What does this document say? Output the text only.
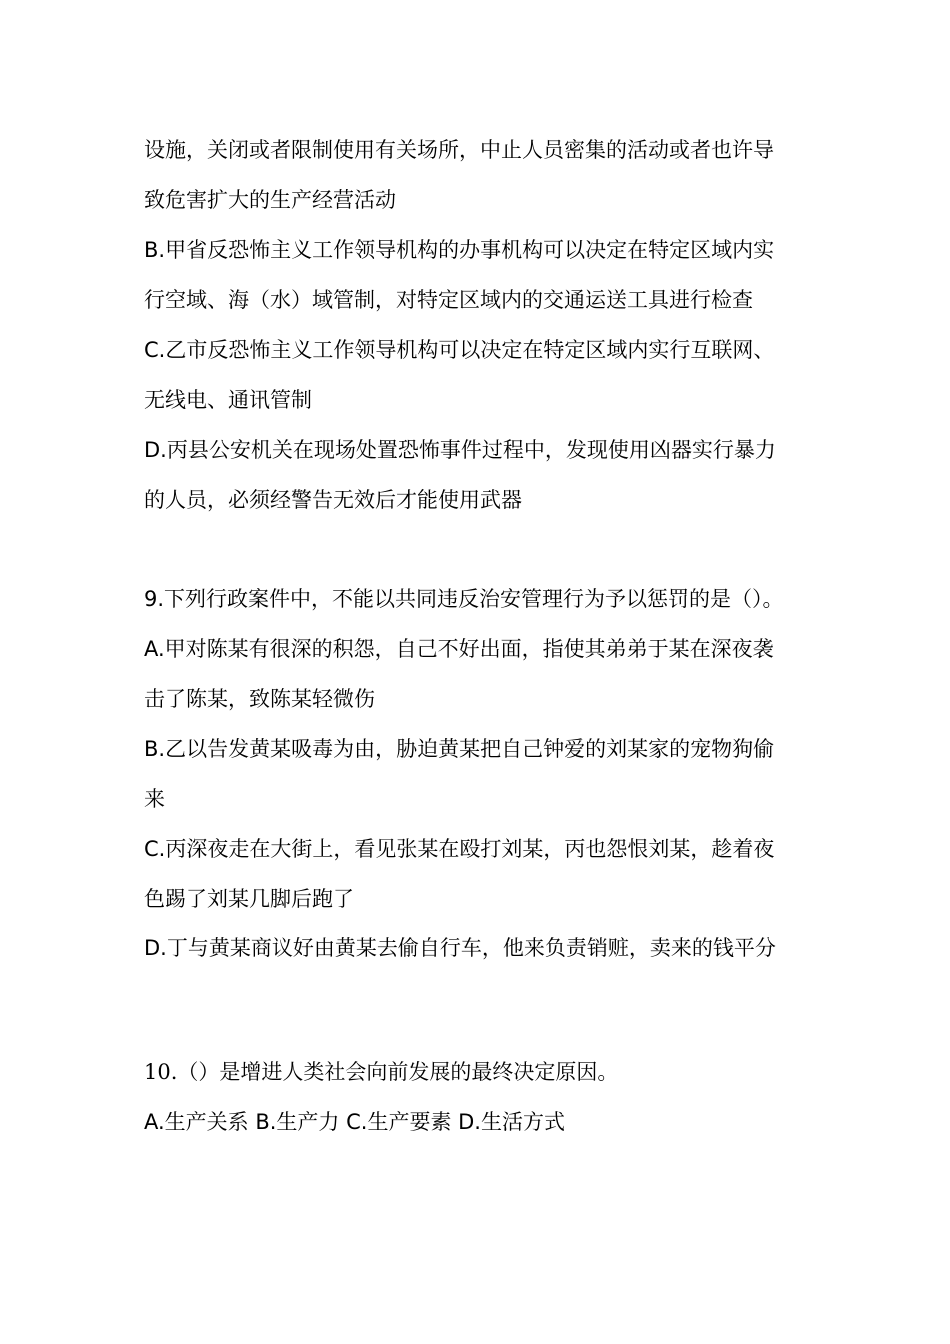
设施，关闭或者限制使用有关场所，中止人员密集的活动或者也许导
致危害扩大的生产经营活动
B.甲省反恐怖主义工作领导机构的办事机构可以决定在特定区域内实
行空域、海（水）域管制，对特定区域内的交通运送工具进行检查
C.乙市反恐怖主义工作领导机构可以决定在特定区域内实行互联网、
无线电、通讯管制
D.丙县公安机关在现场处置恐怖事件过程中，发现使用凶器实行暴力
的人员，必须经警告无效后才能使用武器
9.下列行政案件中，不能以共同违反治安管理行为予以惩罚的是（）。
A.甲对陈某有很深的积怨，自己不好出面，指使其弟弟于某在深夜袭
击了陈某，致陈某轻微伤
B.乙以告发黄某吸毒为由，胁迫黄某把自己钟爱的刘某家的宠物狗偷
来
C.丙深夜走在大街上，看见张某在殴打刘某，丙也怨恨刘某，趁着夜
色踢了刘某几脚后跑了
D.丁与黄某商议好由黄某去偷自行车，他来负责销赃，卖来的钱平分
10.（）是增进人类社会向前发展的最终决定原因。
A.生产关系 B.生产力 C.生产要素 D.生活方式
